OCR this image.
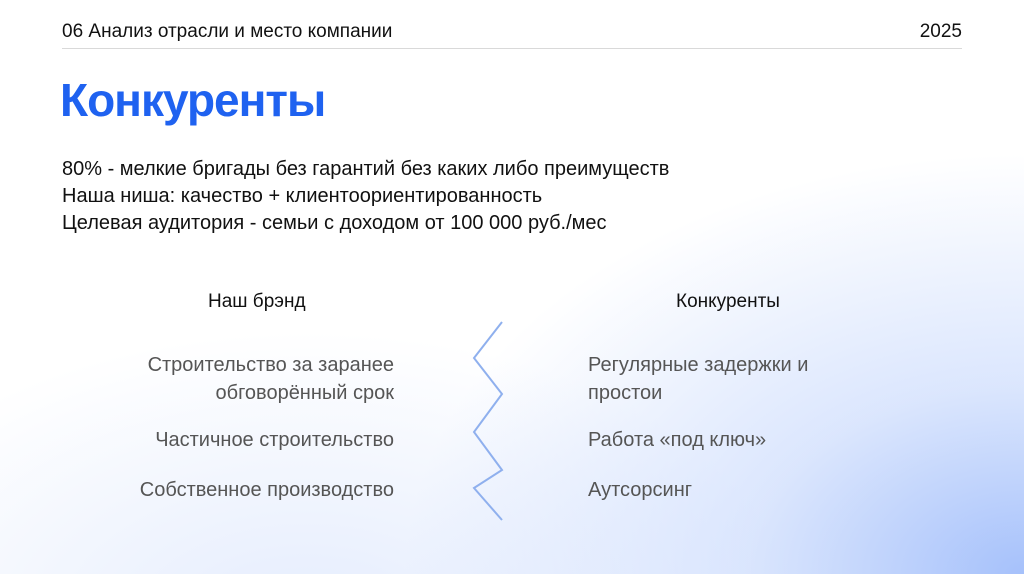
06 Анализ отрасли и место компании	2025
Конкуренты
80% - мелкие бригады без гарантий без каких либо преимуществ
Наша ниша: качество + клиентоориентированность
Целевая аудитория - семьи с доходом от 100 000 руб./мес
Наш брэнд	Конкуренты
Строительство за заранее
обговорённый срок
Частичное строительство
Собственное производство
Регулярные задержки и
простои
Работа «под ключ»
Аутсорсинг
